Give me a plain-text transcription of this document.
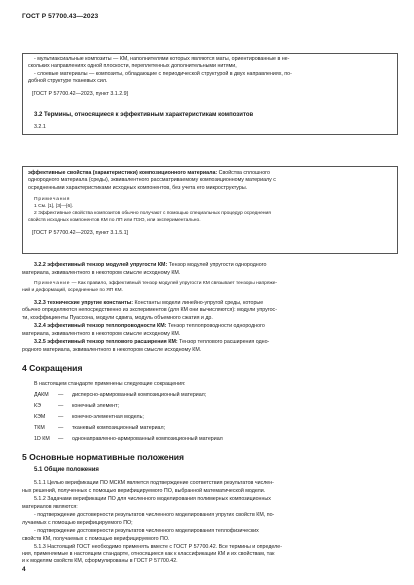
ГОСТ Р 57700.43—2023
- мультиаксиальные композиты — КМ, наполнителями которых являются маты, ориентированные в не-
скольких направлениях одной плоскости, переплетенных дополнительными нитями,
- слоевые материалы — композиты, обладающие с периодической структурой в двух направлениях, по-
добной структуре тканевых сил.
[ГОСТ Р 57700.42—2023, пункт 3.1.2.9]
3.2 Термины, относящиеся к эффективным характеристикам композитов
3.2.1
эффективные свойства (характеристики) композиционного материала: Свойства сплошного
однородного материала (среды), эквивалентного рассматриваемому композиционному материалу с
осредненными характеристиками исходных компонентов, без учета его микроструктуры.
Примечания
1 См. [1], [3]—[6].
2 Эффективные свойства композитов обычно получают с помощью специальных процедур осреднения
свойств исходных компонентов КМ по ЛП или ПЭО, или экспериментально.
[ГОСТ Р 57700.42—2023, пункт 3.1.5.1]
3.2.2 эффективный тензор модулей упругости КМ: Тензор модулей упругости однородного
материала, эквивалентного в некотором смысле исходному КМ.
Примечание — Как правило, эффективный тензор модулей упругости КМ связывает тензоры напряже-
ний и деформаций, осредненные по ЯП КМ.
3.2.3 технические упругие константы: Константы модели линейно-упругой среды, которые
обычно определяются непосредственно из экспериментов (для КМ они вычисляются): модули упругос-
ти, коэффициенты Пуассона, модули сдвига, модуль объемного сжатия и др.
3.2.4 эффективный тензор теплопроводности КМ: Тензор теплопроводности однородного
материала, эквивалентного в некотором смысле исходному КМ.
3.2.5 эффективный тензор теплового расширения КМ: Тензор теплового расширения одно-
родного материала, эквивалентного в некотором смысле исходному КМ.
4 Сокращения
В настоящем стандарте применены следующие сокращения:
ДАКМ — дисперсно-армированный композиционный материал;
КЭ	— конечный элемент;
КЭМ — конечно-элементная модель;
ТКМ	— тканевый композиционный материал;
1D КМ — однонаправленно-армированный композиционный материал
5 Основные нормативные положения
5.1 Общие положения
5.1.1 Целью верификации ПО МСКМ является подтверждение соответствия результатов числен-
ных решений, полученных с помощью верифицируемого ПО, выбранной математической модели.
5.1.2 Задачами верификации ПО для численного моделирования полимерных композиционных
материалов являются:
- подтверждение достоверности результатов численного моделирования упругих свойств КМ, по-
лучаемых с помощью верифицируемого ПО;
- подтверждение достоверности результатов численного моделирования теплофизических
свойств КМ, получаемых с помощью верифицируемого ПО.
5.1.3 Настоящий ГОСТ необходимо применять вместе с ГОСТ Р 57700.42. Все термины и определе-
ния, применяемые в настоящем стандарте, относящиеся как к классификации КМ и их свойствам, так
и к моделям свойств КМ, сформулированы в ГОСТ Р 57700.42.
4
